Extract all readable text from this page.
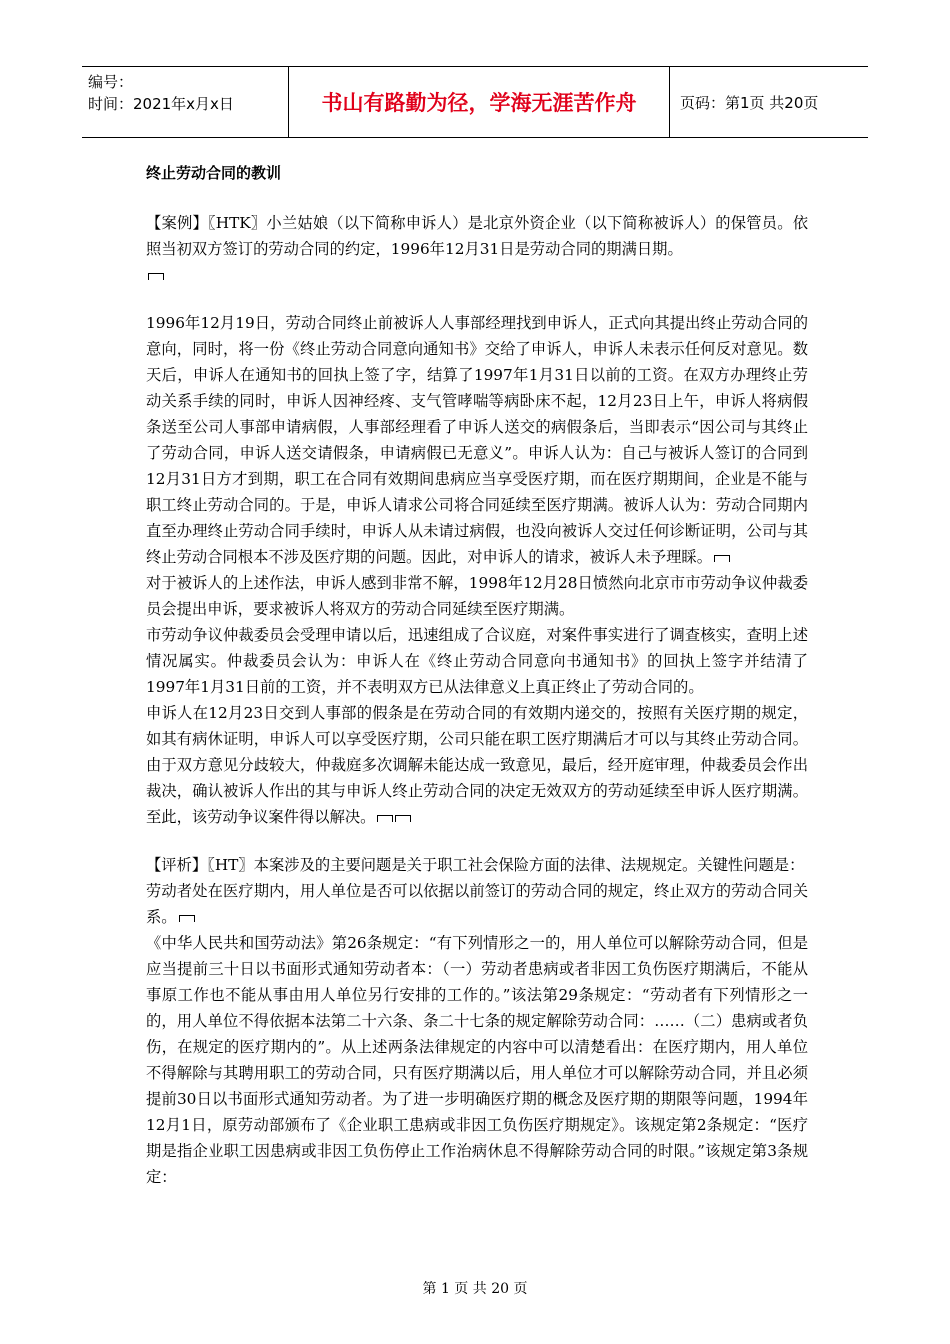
编号：
时间：2021年x月x日	书山有路勤为径，学海无涯苦作舟	页码：第1页 共20页
终止劳动合同的教训

【案例】〖HTK〗小兰姑娘（以下简称申诉人）是北京外资企业（以下简称被诉人）的保管员。依照当初双方签订的劳动合同的约定，1996年12月31日是劳动合同的期满日期。

1996年12月19日，劳动合同终止前被诉人人事部经理找到申诉人，正式向其提出终止劳动合同的意向，同时，将一份《终止劳动合同意向通知书》交给了申诉人，申诉人未表示任何反对意见。数天后，申诉人在通知书的回执上签了字，结算了1997年1月31日以前的工资。在双方办理终止劳动关系手续的同时，申诉人因神经疼、支气管哮喘等病卧床不起，12月23日上午，申诉人将病假条送至公司人事部申请病假，人事部经理看了申诉人送交的病假条后，当即表示“因公司与其终止了劳动合同，申诉人送交请假条，申请病假已无意义”。申诉人认为：自己与被诉人签订的合同到12月31日方才到期，职工在合同有效期间患病应当享受医疗期，而在医疗期期间，企业是不能与职工终止劳动合同的。于是，申诉人请求公司将合同延续至医疗期满。被诉人认为：劳动合同期内直至办理终止劳动合同手续时，申诉人从未请过病假，也没向被诉人交过任何诊断证明，公司与其终止劳动合同根本不涉及医疗期的问题。因此，对申诉人的请求，被诉人未予理睬。

对于被诉人的上述作法，申诉人感到非常不解，1998年12月28日愤然向北京市市劳动争议仲裁委员会提出申诉，要求被诉人将双方的劳动合同延续至医疗期满。

市劳动争议仲裁委员会受理申请以后，迅速组成了合议庭，对案件事实进行了调查核实，查明上述情况属实。仲裁委员会认为：申诉人在《终止劳动合同意向书通知书》的回执上签字并结清了1997年1月31日前的工资，并不表明双方已从法律意义上真正终止了劳动合同的。

申诉人在12月23日交到人事部的假条是在劳动合同的有效期内递交的，按照有关医疗期的规定，如其有病休证明，申诉人可以享受医疗期，公司只能在职工医疗期满后才可以与其终止劳动合同。由于双方意见分歧较大，仲裁庭多次调解未能达成一致意见，最后，经开庭审理，仲裁委员会作出裁决，确认被诉人作出的其与申诉人终止劳动合同的决定无效双方的劳动延续至申诉人医疗期满。至此，该劳动争议案件得以解决。

【评析】〖HT〗本案涉及的主要问题是关于职工社会保险方面的法律、法规规定。关键性问题是：

劳动者处在医疗期内，用人单位是否可以依据以前签订的劳动合同的规定，终止双方的劳动合同关系。

《中华人民共和国劳动法》第26条规定：“有下列情形之一的，用人单位可以解除劳动合同，但是应当提前三十日以书面形式通知劳动者本：（一）劳动者患病或者非因工负伤医疗期满后，不能从事原工作也不能从事由用人单位另行安排的工作的。”该法第29条规定：“劳动者有下列情形之一的，用人单位不得依据本法第二十六条、条二十七条的规定解除劳动合同：……（二）患病或者负伤，在规定的医疗期内的”。从上述两条法律规定的内容中可以清楚看出：在医疗期内，用人单位不得解除与其聘用职工的劳动合同，只有医疗期满以后，用人单位才可以解除劳动合同，并且必须提前30日以书面形式通知劳动者。为了进一步明确医疗期的概念及医疗期的期限等问题，1994年12月1日，原劳动部颁布了《企业职工患病或非因工负伤医疗期规定》。该规定第2条规定：“医疗期是指企业职工因患病或非因工负伤停止工作治病休息不得解除劳动合同的时限。”该规定第3条规定：

第 1 页 共 20 页
